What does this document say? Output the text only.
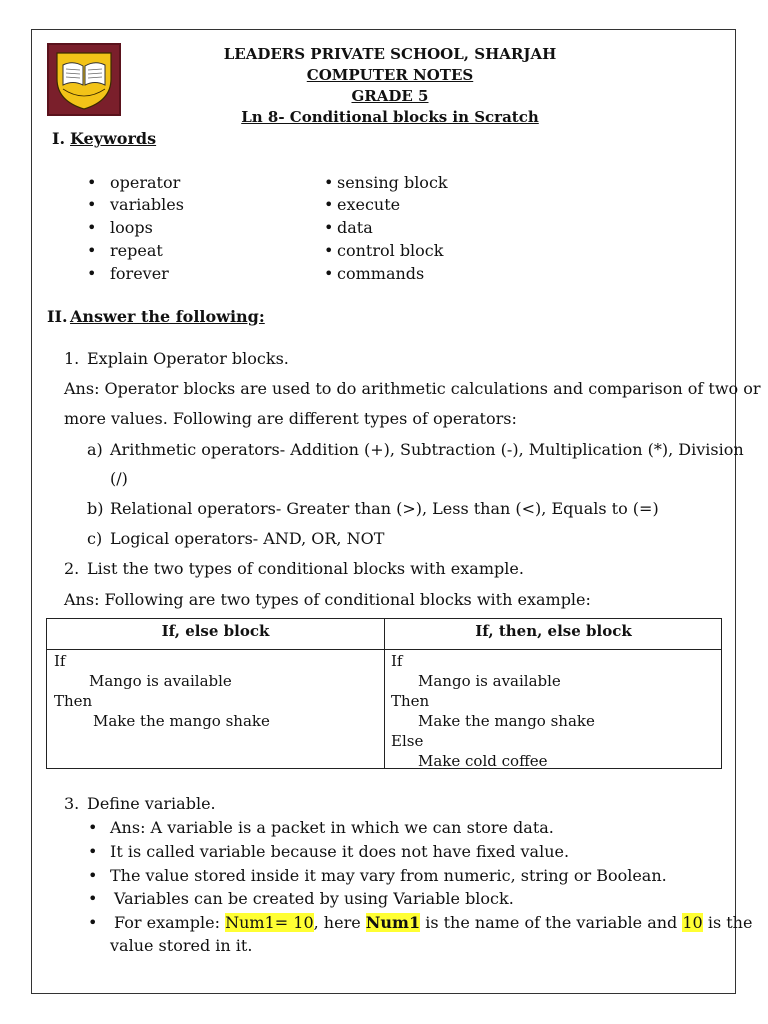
LEADERS PRIVATE SCHOOL, SHARJAH
COMPUTER NOTES
GRADE 5
Ln 8- Conditional blocks in Scratch
I. Keywords
• operator
• variables
• loops
• repeat
• forever
• sensing block
• execute
• data
• control block
• commands
II. Answer the following:
1. Explain Operator blocks.
Ans: Operator blocks are used to do arithmetic calculations and comparison of two or
more values. Following are different types of operators:
a) Arithmetic operators- Addition (+), Subtraction (-), Multiplication (*), Division
(/)
b) Relational operators- Greater than (>), Less than (<), Equals to (=)
c) Logical operators- AND, OR, NOT
2. List the two types of conditional blocks with example.
Ans: Following are two types of conditional blocks with example:
If, else block	If, then, else block
If
Mango is available
Then
Make the mango shake
If
Mango is available
Then
Make the mango shake
Else
Make cold coffee
3. Define variable.
• Ans: A variable is a packet in which we can store data.
• It is called variable because it does not have fixed value.
• The value stored inside it may vary from numeric, string or Boolean.
• Variables can be created by using Variable block.
• For example: Num1= 10, here Num1 is the name of the variable and 10 is the
value stored in it.
